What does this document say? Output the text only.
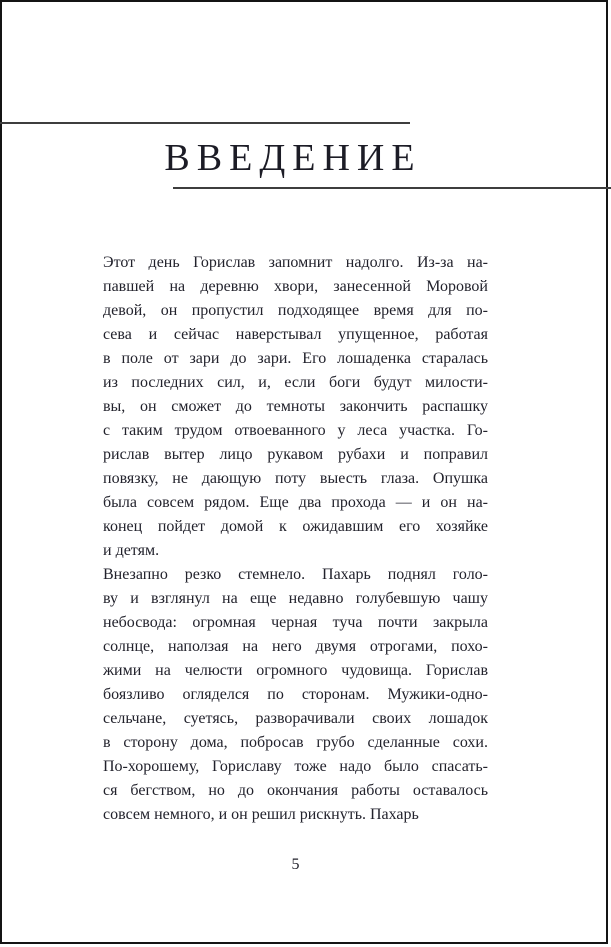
ВВЕДЕНИЕ
Этот день Горислав запомнит надолго. Из-за на-
павшей на деревню хвори, занесенной Моровой
девой, он пропустил подходящее время для по-
сева и сейчас наверстывал упущенное, работая
в поле от зари до зари. Его лошаденка старалась
из последних сил, и, если боги будут милости-
вы, он сможет до темноты закончить распашку
с таким трудом отвоеванного у леса участка. Го-
рислав вытер лицо рукавом рубахи и поправил
повязку, не дающую поту выесть глаза. Опушка
была совсем рядом. Еще два прохода — и он на-
конец пойдет домой к ожидавшим его хозяйке
и детям.
Внезапно резко стемнело. Пахарь поднял голо-
ву и взглянул на еще недавно голубевшую чашу
небосвода: огромная черная туча почти закрыла
солнце, наползая на него двумя отрогами, похо-
жими на челюсти огромного чудовища. Горислав
боязливо огляделся по сторонам. Мужики-одно-
сельчане, суетясь, разворачивали своих лошадок
в сторону дома, побросав грубо сделанные сохи.
По-хорошему, Гориславу тоже надо было спасать-
ся бегством, но до окончания работы оставалось
совсем немного, и он решил рискнуть. Пахарь
5
